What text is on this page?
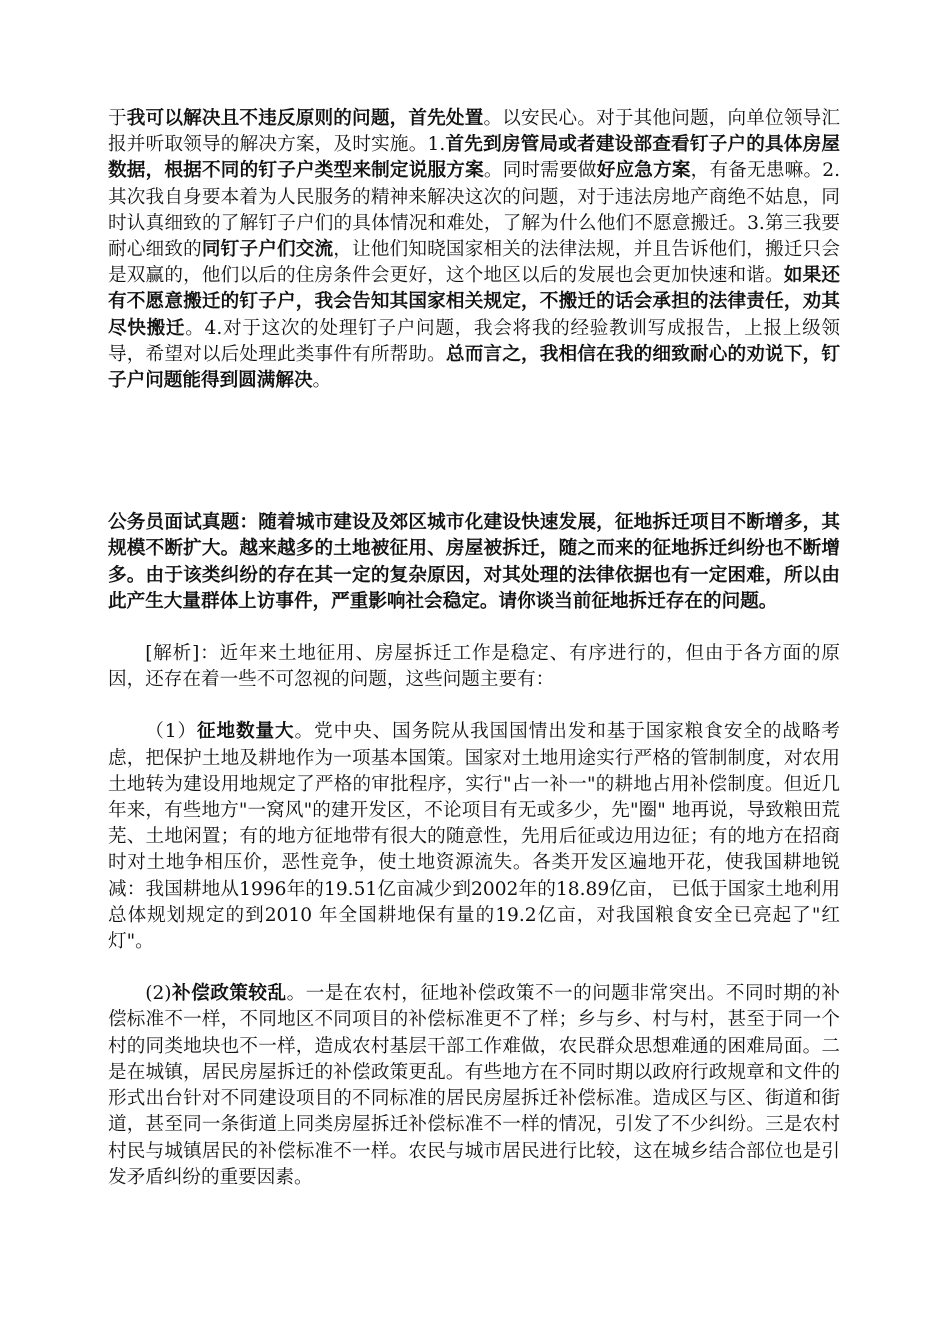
于我可以解决且不违反原则的问题，首先处置。以安民心。对于其他问题，向单位领导汇报并听取领导的解决方案，及时实施。1.首先到房管局或者建设部查看钉子户的具体房屋数据，根据不同的钉子户类型来制定说服方案。同时需要做好应急方案，有备无患嘛。2.其次我自身要本着为人民服务的精神来解决这次的问题，对于违法房地产商绝不姑息，同时认真细致的了解钉子户们的具体情况和难处，了解为什么他们不愿意搬迁。3.第三我要耐心细致的同钉子户们交流，让他们知晓国家相关的法律法规，并且告诉他们，搬迁只会是双赢的，他们以后的住房条件会更好，这个地区以后的发展也会更加快速和谐。如果还有不愿意搬迁的钉子户，我会告知其国家相关规定，不搬迁的话会承担的法律责任，劝其尽快搬迁。4.对于这次的处理钉子户问题，我会将我的经验教训写成报告，上报上级领导，希望对以后处理此类事件有所帮助。总而言之，我相信在我的细致耐心的劝说下，钉子户问题能得到圆满解决。

公务员面试真题：随着城市建设及郊区城市化建设快速发展，征地拆迁项目不断增多，其规模不断扩大。越来越多的土地被征用、房屋被拆迁，随之而来的征地拆迁纠纷也不断增多。由于该类纠纷的存在其一定的复杂原因，对其处理的法律依据也有一定困难，所以由此产生大量群体上访事件，严重影响社会稳定。请你谈当前征地拆迁存在的问题。

[解析]：近年来土地征用、房屋拆迁工作是稳定、有序进行的，但由于各方面的原因，还存在着一些不可忽视的问题，这些问题主要有：

（1）征地数量大。党中央、国务院从我国国情出发和基于国家粮食安全的战略考虑，把保护土地及耕地作为一项基本国策。国家对土地用途实行严格的管制制度，对农用土地转为建设用地规定了严格的审批程序，实行"占一补一"的耕地占用补偿制度。但近几年来，有些地方"一窝风"的建开发区，不论项目有无或多少，先"圈" 地再说，导致粮田荒芜、土地闲置；有的地方征地带有很大的随意性，先用后征或边用边征；有的地方在招商时对土地争相压价，恶性竞争，使土地资源流失。各类开发区遍地开花，使我国耕地锐减：我国耕地从1996年的19.51亿亩减少到2002年的18.89亿亩， 已低于国家土地利用总体规划规定的到2010 年全国耕地保有量的19.2亿亩，对我国粮食安全已亮起了"红灯"。

(2)补偿政策较乱。一是在农村，征地补偿政策不一的问题非常突出。不同时期的补偿标准不一样，不同地区不同项目的补偿标准更不了样；乡与乡、村与村，甚至于同一个村的同类地块也不一样，造成农村基层干部工作难做，农民群众思想难通的困难局面。二是在城镇，居民房屋拆迁的补偿政策更乱。有些地方在不同时期以政府行政规章和文件的形式出台针对不同建设项目的不同标准的居民房屋拆迁补偿标准。造成区与区、街道和街道，甚至同一条街道上同类房屋拆迁补偿标准不一样的情况，引发了不少纠纷。三是农村村民与城镇居民的补偿标准不一样。农民与城市居民进行比较，这在城乡结合部位也是引发矛盾纠纷的重要因素。
